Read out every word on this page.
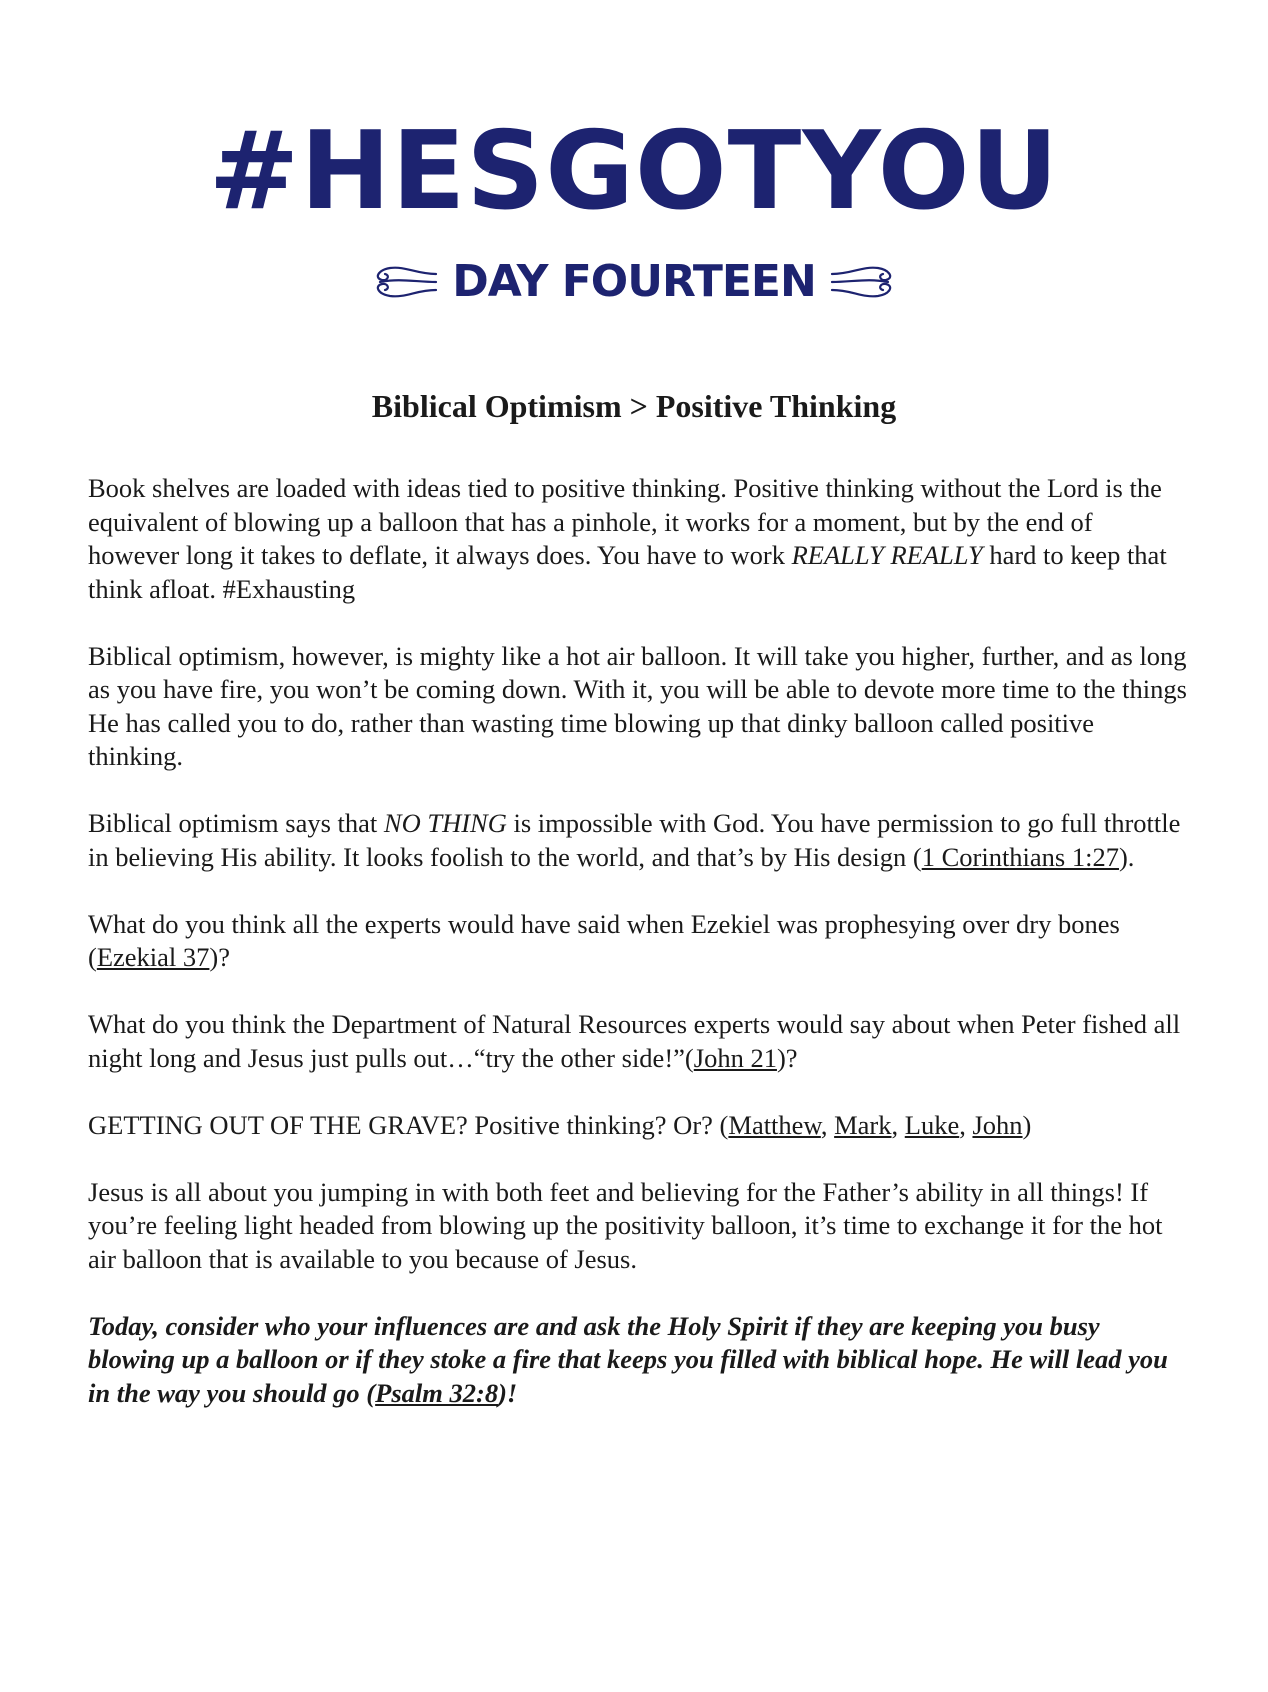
#HESGOTYOU
DAY FOURTEEN
Biblical Optimism > Positive Thinking

Book shelves are loaded with ideas tied to positive thinking. Positive thinking without the Lord is the equivalent of blowing up a balloon that has a pinhole, it works for a moment, but by the end of however long it takes to deflate, it always does. You have to work REALLY REALLY hard to keep that think afloat. #Exhausting

Biblical optimism, however, is mighty like a hot air balloon. It will take you higher, further, and as long as you have fire, you won’t be coming down. With it, you will be able to devote more time to the things He has called you to do, rather than wasting time blowing up that dinky balloon called positive thinking.

Biblical optimism says that NO THING is impossible with God. You have permission to go full throttle in believing His ability. It looks foolish to the world, and that’s by His design (1 Corinthians 1:27).

What do you think all the experts would have said when Ezekiel was prophesying over dry bones (Ezekial 37)?

What do you think the Department of Natural Resources experts would say about when Peter fished all night long and Jesus just pulls out…“try the other side!”(John 21)?

GETTING OUT OF THE GRAVE? Positive thinking? Or? (Matthew, Mark, Luke, John)

Jesus is all about you jumping in with both feet and believing for the Father’s ability in all things! If you’re feeling light headed from blowing up the positivity balloon, it’s time to exchange it for the hot air balloon that is available to you because of Jesus.

Today, consider who your influences are and ask the Holy Spirit if they are keeping you busy blowing up a balloon or if they stoke a fire that keeps you filled with biblical hope. He will lead you in the way you should go (Psalm 32:8)!
